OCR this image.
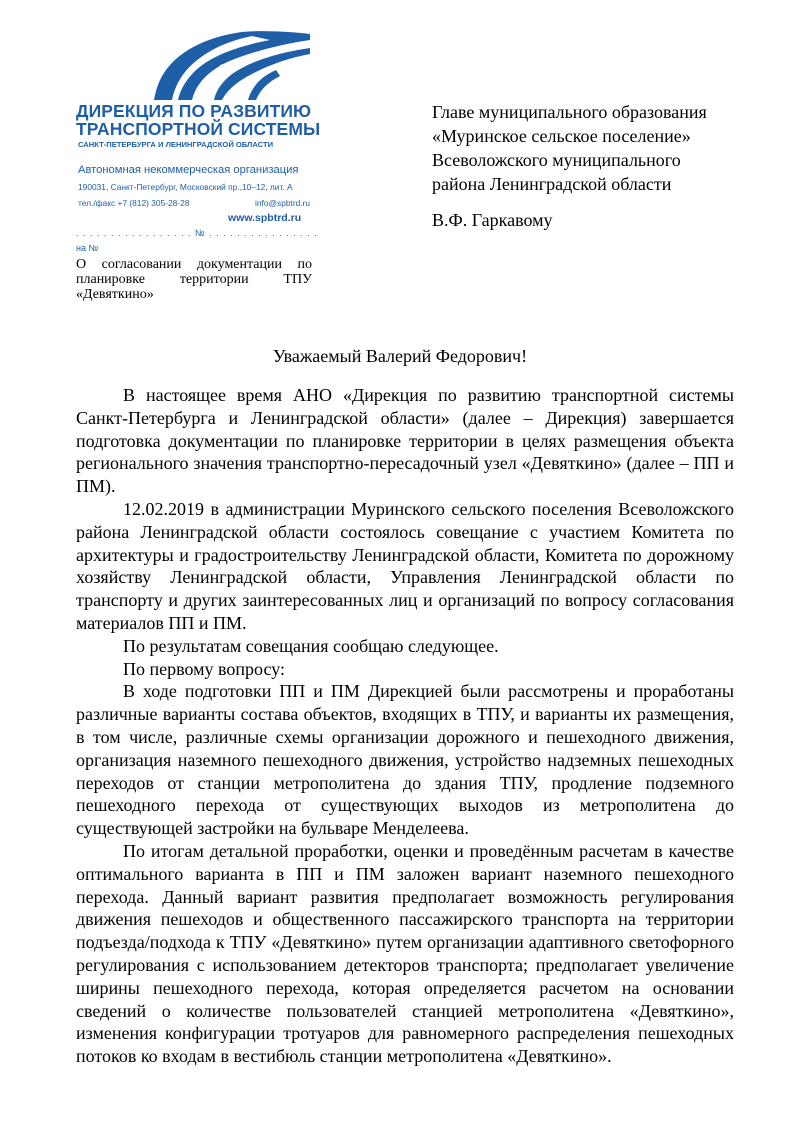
ДИРЕКЦИЯ ПО РАЗВИТИЮ
ТРАНСПОРТНОЙ СИСТЕМЫ
САНКТ-ПЕТЕРБУРГА И ЛЕНИНГРАДСКОЙ ОБЛАСТИ
Автономная некоммерческая организация
190031, Санкт-Петербург, Московский пр.,10–12, лит. А
тел./факс +7 (812) 305-28-28	info@spbtrd.ru
www.spbtrd.ru
. . . . . . . . . . . . . . . . . № . . . . . . . . . . . . . . . .
на №
О согласовании документации по планировке территории ТПУ «Девяткино»
Главе муниципального образования
«Муринское сельское поселение»
Всеволожского муниципального
района Ленинградской области
В.Ф. Гаркавому
Уважаемый Валерий Федорович!

В настоящее время АНО «Дирекция по развитию транспортной системы Санкт-Петербурга и Ленинградской области» (далее – Дирекция) завершается подготовка документации по планировке территории в целях размещения объекта регионального значения транспортно-пересадочный узел «Девяткино» (далее – ПП и ПМ).

12.02.2019 в администрации Муринского сельского поселения Всеволожского района Ленинградской области состоялось совещание с участием Комитета по архитектуры и градостроительству Ленинградской области, Комитета по дорожному хозяйству Ленинградской области, Управления Ленинградской области по транспорту и других заинтересованных лиц и организаций по вопросу согласования материалов ПП и ПМ.

По результатам совещания сообщаю следующее.

По первому вопросу:

В ходе подготовки ПП и ПМ Дирекцией были рассмотрены и проработаны различные варианты состава объектов, входящих в ТПУ, и варианты их размещения, в том числе, различные схемы организации дорожного и пешеходного движения, организация наземного пешеходного движения, устройство надземных пешеходных переходов от станции метрополитена до здания ТПУ, продление подземного пешеходного перехода от существующих выходов из метрополитена до существующей застройки на бульваре Менделеева.

По итогам детальной проработки, оценки и проведённым расчетам в качестве оптимального варианта в ПП и ПМ заложен вариант наземного пешеходного перехода. Данный вариант развития предполагает возможность регулирования движения пешеходов и общественного пассажирского транспорта на территории подъезда/подхода к ТПУ «Девяткино» путем организации адаптивного светофорного регулирования с использованием детекторов транспорта; предполагает увеличение ширины пешеходного перехода, которая определяется расчетом на основании сведений о количестве пользователей станцией метрополитена «Девяткино», изменения конфигурации тротуаров для равномерного распределения пешеходных потоков ко входам в вестибюль станции метрополитена «Девяткино».
